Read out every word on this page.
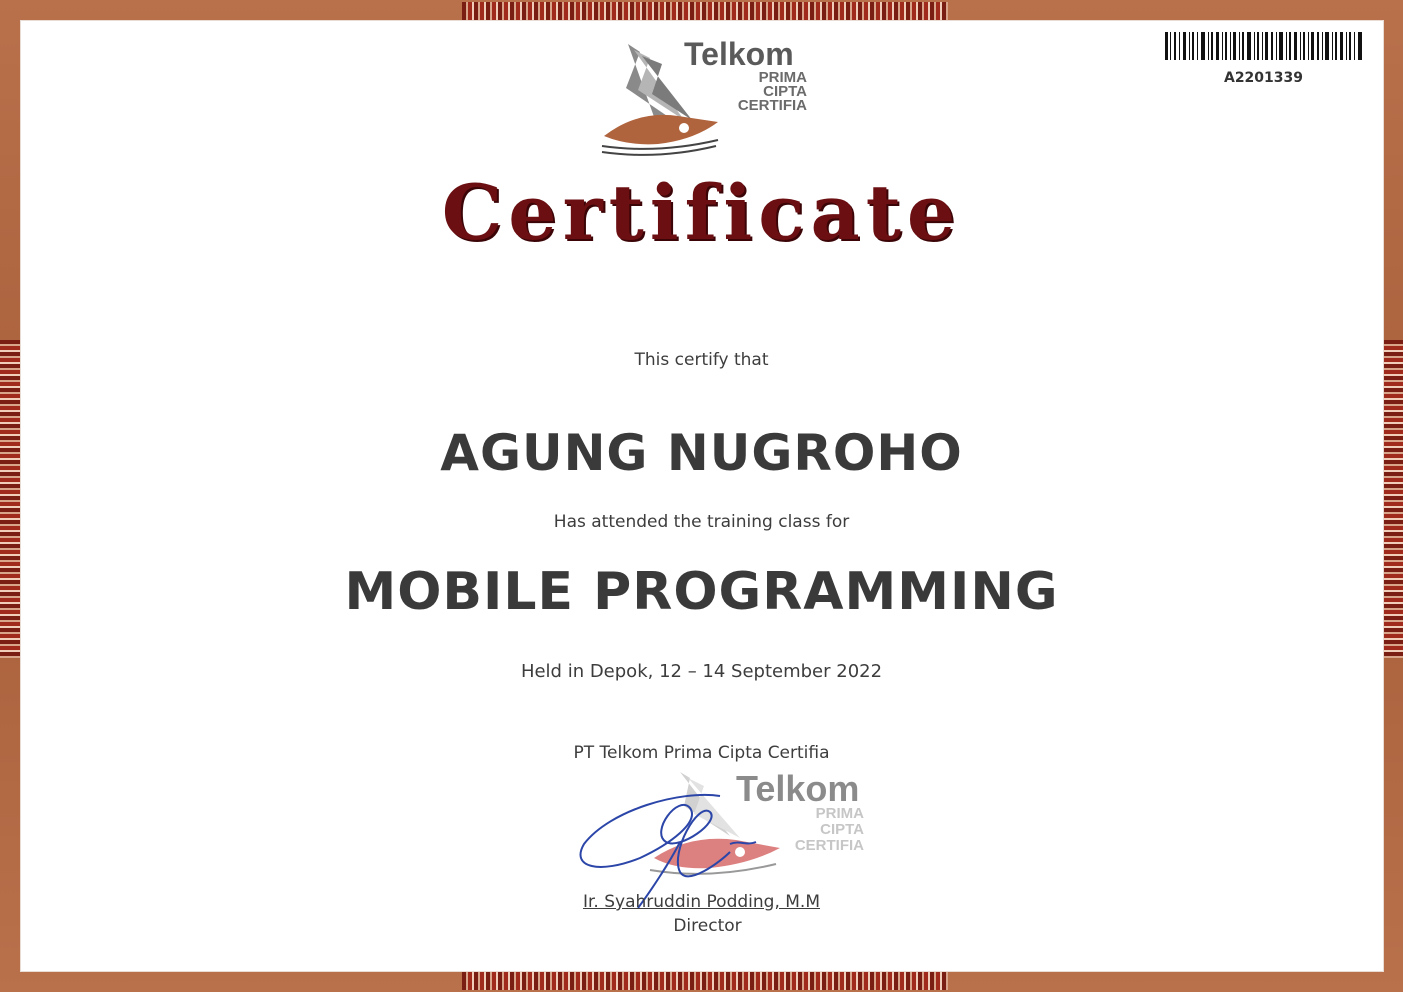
Telkom
PRIMA
CIPTA
CERTIFIA
A2201339
Certificate
This certify that
AGUNG NUGROHO
Has attended the training class for
MOBILE PROGRAMMING
Held in Depok, 12 – 14 September 2022
PT Telkom Prima Cipta Certifia
Telkom
PRIMA
CIPTA
CERTIFIA
Ir. Syahruddin Podding, M.M
Director
